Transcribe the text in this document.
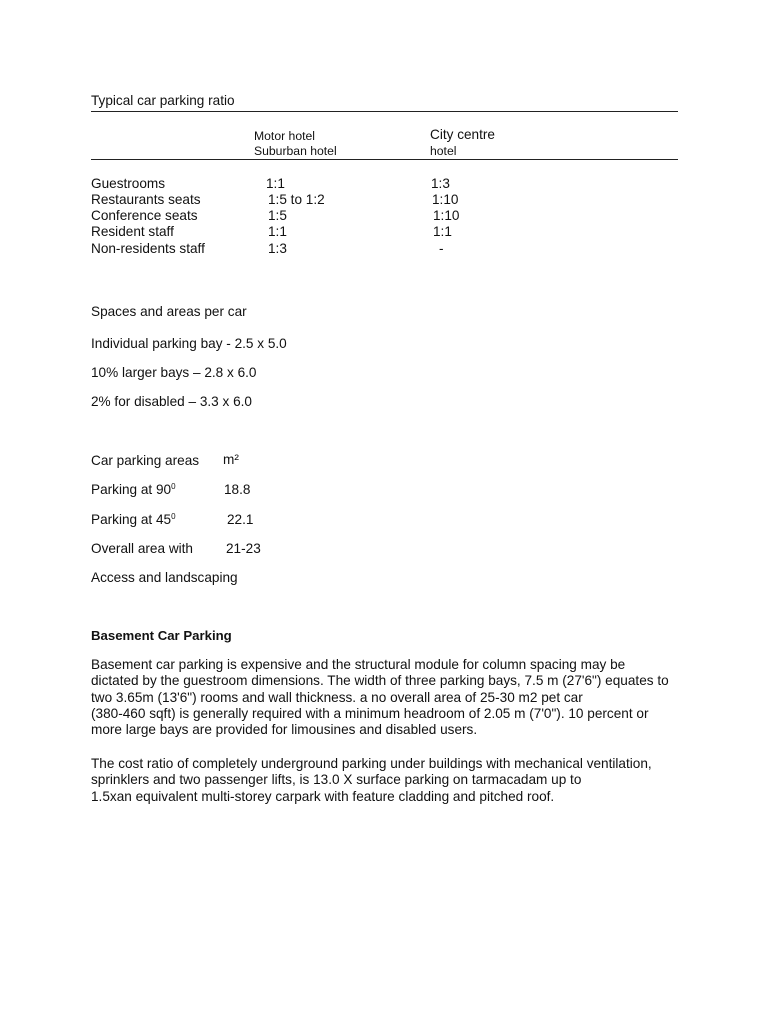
Typical car parking ratio
Motor hotel
Suburban hotel
City centre
hotel
Guestrooms
Restaurants seats
Conference seats
Resident staff
Non-residents staff
1:1
1:5 to 1:2
1:5
1:1
1:3
1:3
1:10
1:10
1:1
-
Spaces and areas per car
Individual parking bay - 2.5 x 5.0
10% larger bays – 2.8 x 6.0
2% for disabled – 3.3 x 6.0
Car parking areas m²
Parking at $90^0$	18.8
Parking at $45^0$	22.1
Overall area with 21-23
Access and landscaping
Basement Car Parking
Basement car parking is expensive and the structural module for column spacing may be
dictated by the guestroom dimensions. The width of three parking bays, 7.5 m (27'6") equates to
two 3.65m (13'6") rooms and wall thickness. a no overall area of 25-30 m2 pet car
(380-460 sqft) is generally required with a minimum headroom of 2.05 m (7'0"). 10 percent or
more large bays are provided for limousines and disabled users.
The cost ratio of completely underground parking under buildings with mechanical ventilation,
sprinklers and two passenger lifts, is 13.0 X surface parking on tarmacadam up to
1.5xan equivalent multi-storey carpark with feature cladding and pitched roof.
